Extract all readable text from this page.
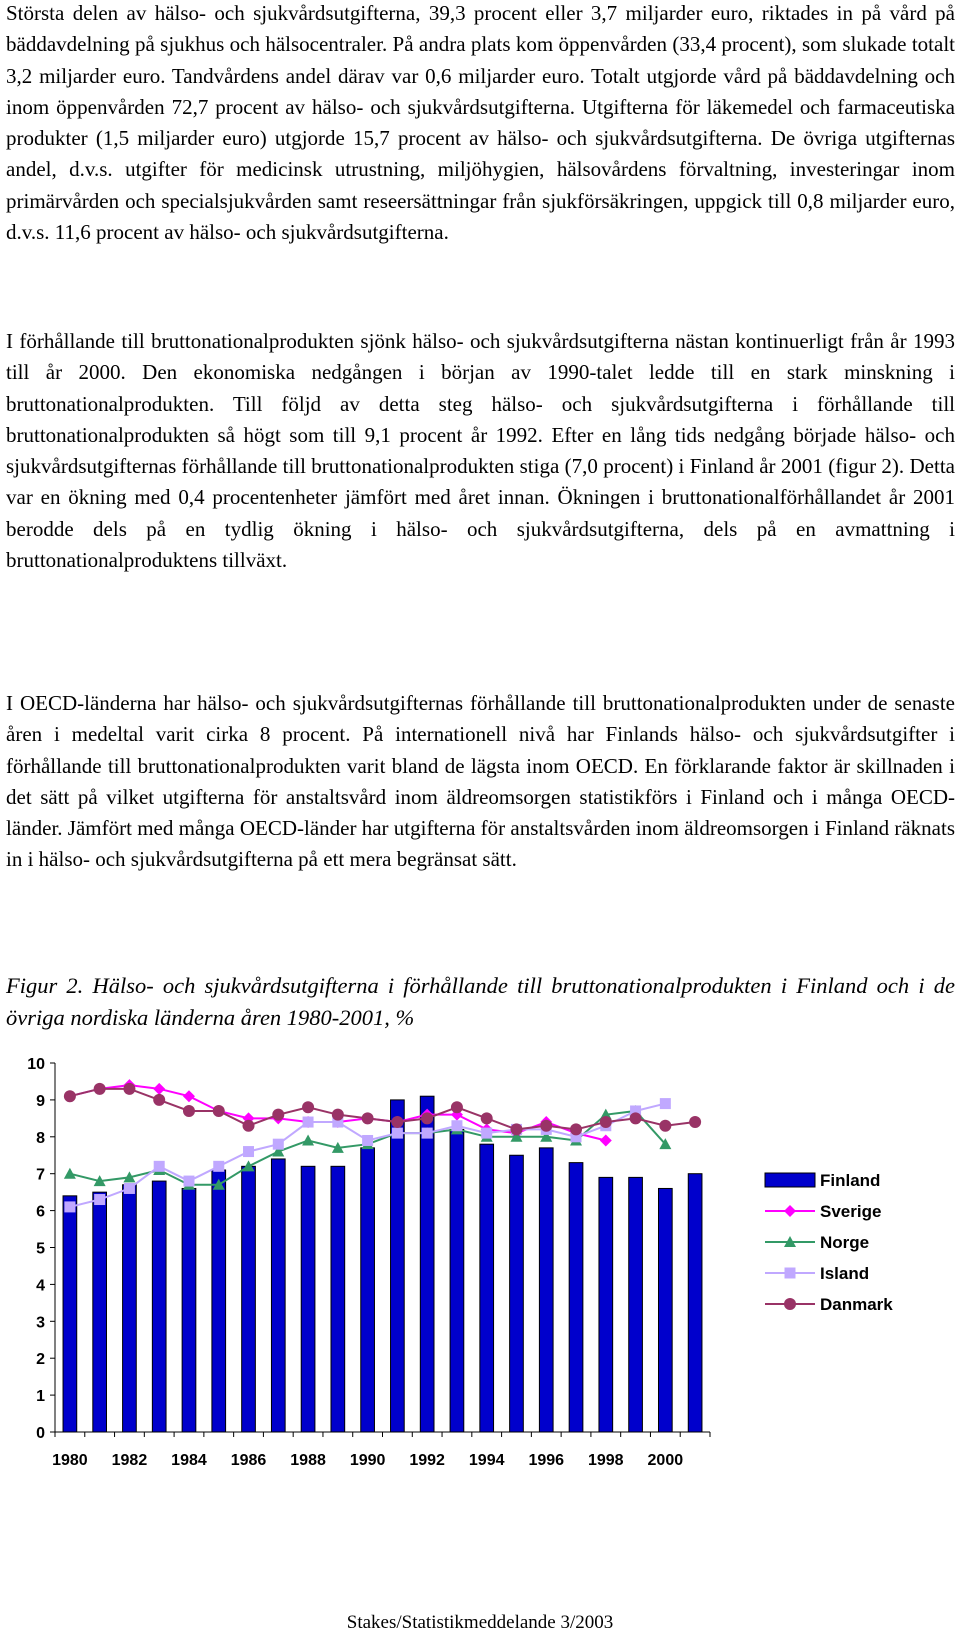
Största delen av hälso- och sjukvårdsutgifterna, 39,3 procent eller 3,7 miljarder euro, riktades in på vård på bäddavdelning på sjukhus och hälsocentraler. På andra plats kom öppenvården (33,4 procent), som slukade totalt 3,2 miljarder euro. Tandvårdens andel därav var 0,6 miljarder euro. Totalt utgjorde vård på bäddavdelning och inom öppenvården 72,7 procent av hälso- och sjukvårdsutgifterna. Utgifterna för läkemedel och farmaceutiska produkter (1,5 miljarder euro) utgjorde 15,7 procent av hälso- och sjukvårdsutgifterna. De övriga utgifternas andel, d.v.s. utgifter för medicinsk utrustning, miljöhygien, hälsovårdens förvaltning, investeringar inom primärvården och specialsjukvården samt reseersättningar från sjukförsäkringen, uppgick till 0,8 miljarder euro, d.v.s. 11,6 procent av hälso- och sjukvårdsutgifterna.

I förhållande till bruttonationalprodukten sjönk hälso- och sjukvårdsutgifterna nästan kontinuerligt från år 1993 till år 2000. Den ekonomiska nedgången i början av 1990-talet ledde till en stark minskning i bruttonationalprodukten. Till följd av detta steg hälso- och sjukvårdsutgifterna i förhållande till bruttonationalprodukten så högt som till 9,1 procent år 1992. Efter en lång tids nedgång började hälso- och sjukvårdsutgifternas förhållande till bruttonationalprodukten stiga (7,0 procent) i Finland år 2001 (figur 2). Detta var en ökning med 0,4 procentenheter jämfört med året innan. Ökningen i bruttonationalförhållandet år 2001 berodde dels på en tydlig ökning i hälso- och sjukvårdsutgifterna, dels på en avmattning i bruttonationalproduktens tillväxt.

I OECD-länderna har hälso- och sjukvårdsutgifternas förhållande till bruttonationalprodukten under de senaste åren i medeltal varit cirka 8 procent. På internationell nivå har Finlands hälso- och sjukvårdsutgifter i förhållande till bruttonationalprodukten varit bland de lägsta inom OECD. En förklarande faktor är skillnaden i det sätt på vilket utgifterna för anstaltsvård inom äldreomsorgen statistikförs i Finland och i många OECD-länder. Jämfört med många OECD-länder har utgifterna för anstaltsvården inom äldreomsorgen i Finland räknats in i hälso- och sjukvårdsutgifterna på ett mera begränsat sätt.

Figur 2. Hälso- och sjukvårdsutgifterna i förhållande till bruttonationalprodukten i Finland och i de övriga nordiska länderna åren 1980-2001, %

0
1
2
3
4
5
6
7
8
9
10
1980 1982 1984 1986 1988 1990 1992 1994 1996 1998 2000
Finland
Sverige
Norge
Island
Danmark
Stakes/Statistikmeddelande 3/2003
